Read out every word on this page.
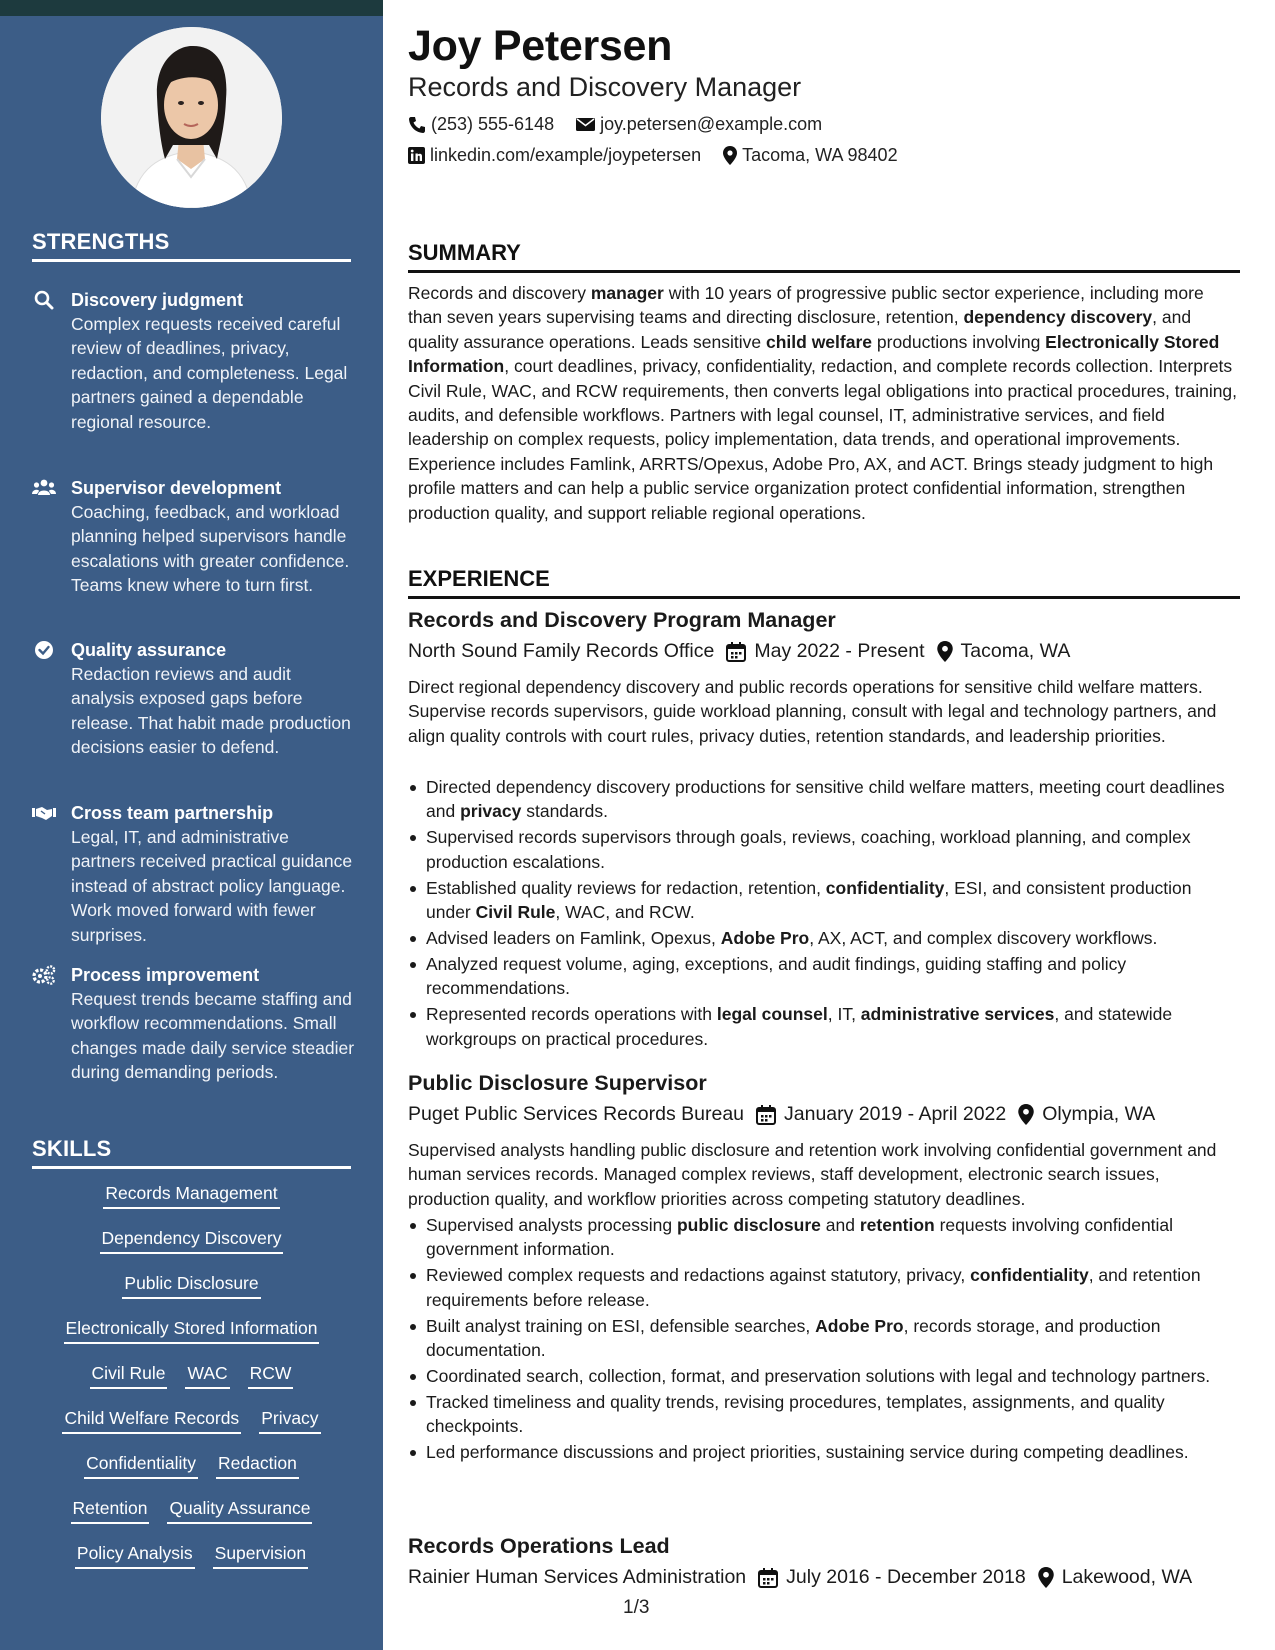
STRENGTHS
Discovery judgment
Complex requests received careful review of deadlines, privacy, redaction, and completeness. Legal partners gained a dependable regional resource.
Supervisor development
Coaching, feedback, and workload planning helped supervisors handle escalations with greater confidence. Teams knew where to turn first.
Quality assurance
Redaction reviews and audit analysis exposed gaps before release. That habit made production decisions easier to defend.
Cross team partnership
Legal, IT, and administrative partners received practical guidance instead of abstract policy language. Work moved forward with fewer surprises.
Process improvement
Request trends became staffing and workflow recommendations. Small changes made daily service steadier during demanding periods.
SKILLS
Records Management
Dependency Discovery
Public Disclosure
Electronically Stored Information
Civil Rule WAC RCW
Child Welfare Records Privacy
Confidentiality Redaction
Retention Quality Assurance
Policy Analysis Supervision
Joy Petersen
Records and Discovery Manager
(253) 555-6148	joy.petersen@example.com
linkedin.com/example/joypetersen Tacoma, WA 98402
SUMMARY
Records and discovery manager with 10 years of progressive public sector experience, including more than seven years supervising teams and directing disclosure, retention, dependency discovery, and quality assurance operations. Leads sensitive child welfare productions involving Electronically Stored Information, court deadlines, privacy, confidentiality, redaction, and complete records collection. Interprets Civil Rule, WAC, and RCW requirements, then converts legal obligations into practical procedures, training, audits, and defensible workflows. Partners with legal counsel, IT, administrative services, and field leadership on complex requests, policy implementation, data trends, and operational improvements. Experience includes Famlink, ARRTS/Opexus, Adobe Pro, AX, and ACT. Brings steady judgment to high profile matters and can help a public service organization protect confidential information, strengthen production quality, and support reliable regional operations.
EXPERIENCE
Records and Discovery Program Manager
North Sound Family Records Office May 2022 - Present Tacoma, WA
Direct regional dependency discovery and public records operations for sensitive child welfare matters. Supervise records supervisors, guide workload planning, consult with legal and technology partners, and align quality controls with court rules, privacy duties, retention standards, and leadership priorities.
Directed dependency discovery productions for sensitive child welfare matters, meeting court deadlines and privacy standards.
Supervised records supervisors through goals, reviews, coaching, workload planning, and complex production escalations.
Established quality reviews for redaction, retention, confidentiality, ESI, and consistent production under Civil Rule, WAC, and RCW.
Advised leaders on Famlink, Opexus, Adobe Pro, AX, ACT, and complex discovery workflows.
Analyzed request volume, aging, exceptions, and audit findings, guiding staffing and policy recommendations.
Represented records operations with legal counsel, IT, administrative services, and statewide workgroups on practical procedures.
Public Disclosure Supervisor
Puget Public Services Records Bureau January 2019 - April 2022 Olympia, WA
Supervised analysts handling public disclosure and retention work involving confidential government and human services records. Managed complex reviews, staff development, electronic search issues, production quality, and workflow priorities across competing statutory deadlines.
Supervised analysts processing public disclosure and retention requests involving confidential government information.
Reviewed complex requests and redactions against statutory, privacy, confidentiality, and retention requirements before release.
Built analyst training on ESI, defensible searches, Adobe Pro, records storage, and production documentation.
Coordinated search, collection, format, and preservation solutions with legal and technology partners.
Tracked timeliness and quality trends, revising procedures, templates, assignments, and quality checkpoints.
Led performance discussions and project priorities, sustaining service during competing deadlines.
Records Operations Lead
Rainier Human Services Administration July 2016 - December 2018 Lakewood, WA
1/3
